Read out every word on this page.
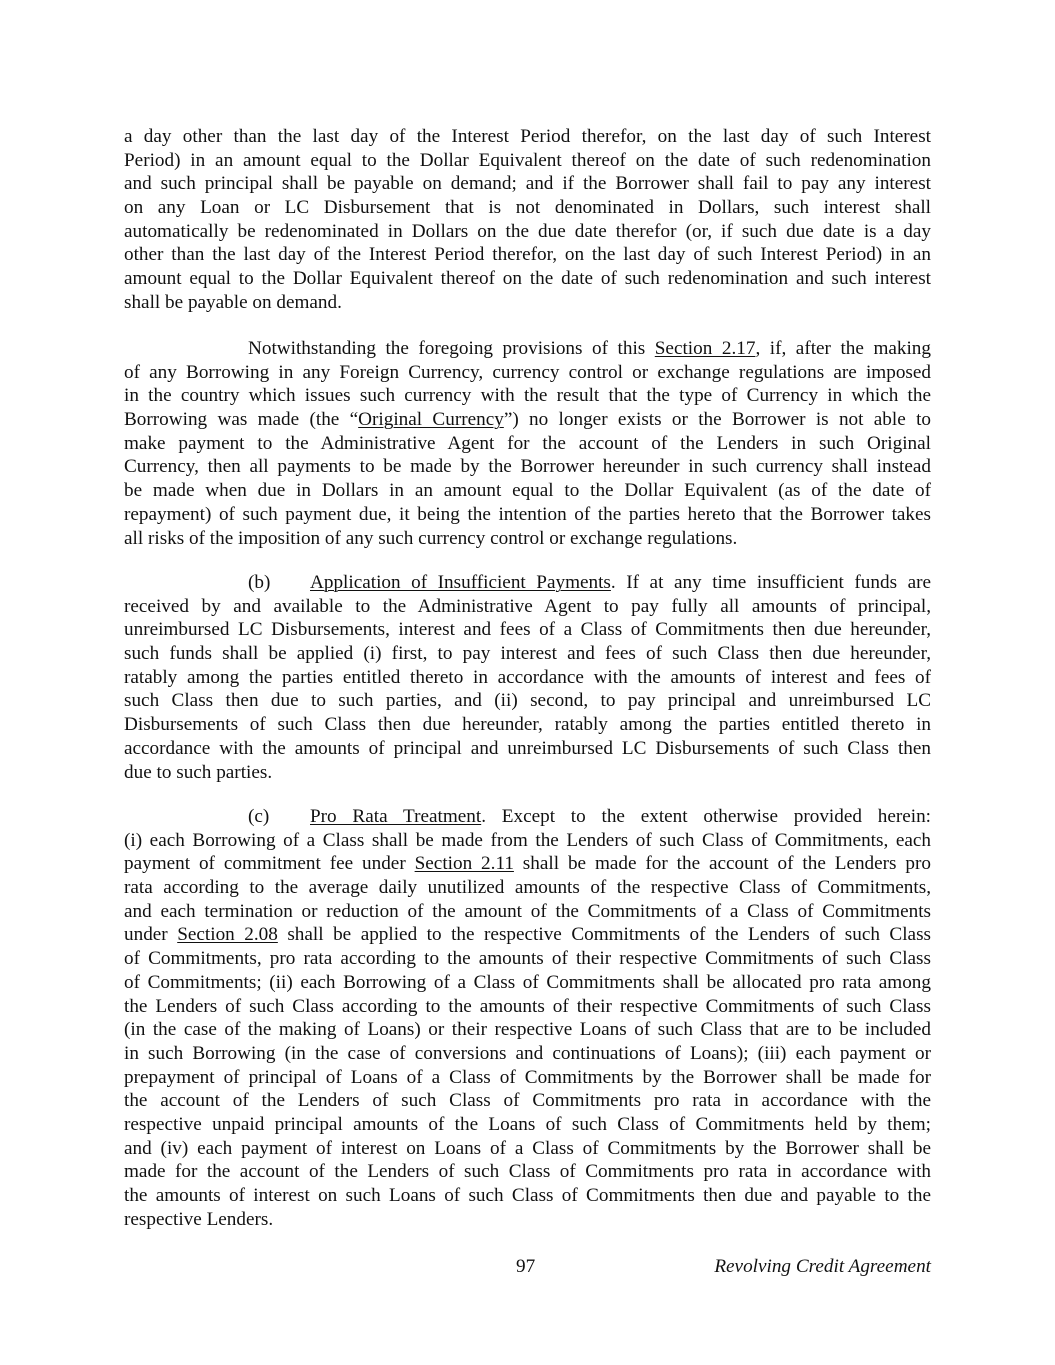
a day other than the last day of the Interest Period therefor, on the last day of such Interest
Period) in an amount equal to the Dollar Equivalent thereof on the date of such redenomination
and such principal shall be payable on demand; and if the Borrower shall fail to pay any interest
on any Loan or LC Disbursement that is not denominated in Dollars, such interest shall
automatically be redenominated in Dollars on the due date therefor (or, if such due date is a day
other than the last day of the Interest Period therefor, on the last day of such Interest Period) in an
amount equal to the Dollar Equivalent thereof on the date of such redenomination and such interest
shall be payable on demand.
Notwithstanding the foregoing provisions of this Section 2.17, if, after the making
of any Borrowing in any Foreign Currency, currency control or exchange regulations are imposed
in the country which issues such currency with the result that the type of Currency in which the
Borrowing was made (the “Original Currency”) no longer exists or the Borrower is not able to
make payment to the Administrative Agent for the account of the Lenders in such Original
Currency, then all payments to be made by the Borrower hereunder in such currency shall instead
be made when due in Dollars in an amount equal to the Dollar Equivalent (as of the date of
repayment) of such payment due, it being the intention of the parties hereto that the Borrower takes
all risks of the imposition of any such currency control or exchange regulations.
(b) Application of Insufficient Payments. If at any time insufficient funds are
received by and available to the Administrative Agent to pay fully all amounts of principal,
unreimbursed LC Disbursements, interest and fees of a Class of Commitments then due hereunder,
such funds shall be applied (i) first, to pay interest and fees of such Class then due hereunder,
ratably among the parties entitled thereto in accordance with the amounts of interest and fees of
such Class then due to such parties, and (ii) second, to pay principal and unreimbursed LC
Disbursements of such Class then due hereunder, ratably among the parties entitled thereto in
accordance with the amounts of principal and unreimbursed LC Disbursements of such Class then
due to such parties.
(c) Pro Rata Treatment. Except to the extent otherwise provided herein:
(i) each Borrowing of a Class shall be made from the Lenders of such Class of Commitments, each
payment of commitment fee under Section 2.11 shall be made for the account of the Lenders pro
rata according to the average daily unutilized amounts of the respective Class of Commitments,
and each termination or reduction of the amount of the Commitments of a Class of Commitments
under Section 2.08 shall be applied to the respective Commitments of the Lenders of such Class
of Commitments, pro rata according to the amounts of their respective Commitments of such Class
of Commitments; (ii) each Borrowing of a Class of Commitments shall be allocated pro rata among
the Lenders of such Class according to the amounts of their respective Commitments of such Class
(in the case of the making of Loans) or their respective Loans of such Class that are to be included
in such Borrowing (in the case of conversions and continuations of Loans); (iii) each payment or
prepayment of principal of Loans of a Class of Commitments by the Borrower shall be made for
the account of the Lenders of such Class of Commitments pro rata in accordance with the
respective unpaid principal amounts of the Loans of such Class of Commitments held by them;
and (iv) each payment of interest on Loans of a Class of Commitments by the Borrower shall be
made for the account of the Lenders of such Class of Commitments pro rata in accordance with
the amounts of interest on such Loans of such Class of Commitments then due and payable to the
respective Lenders.
97	Revolving Credit Agreement
